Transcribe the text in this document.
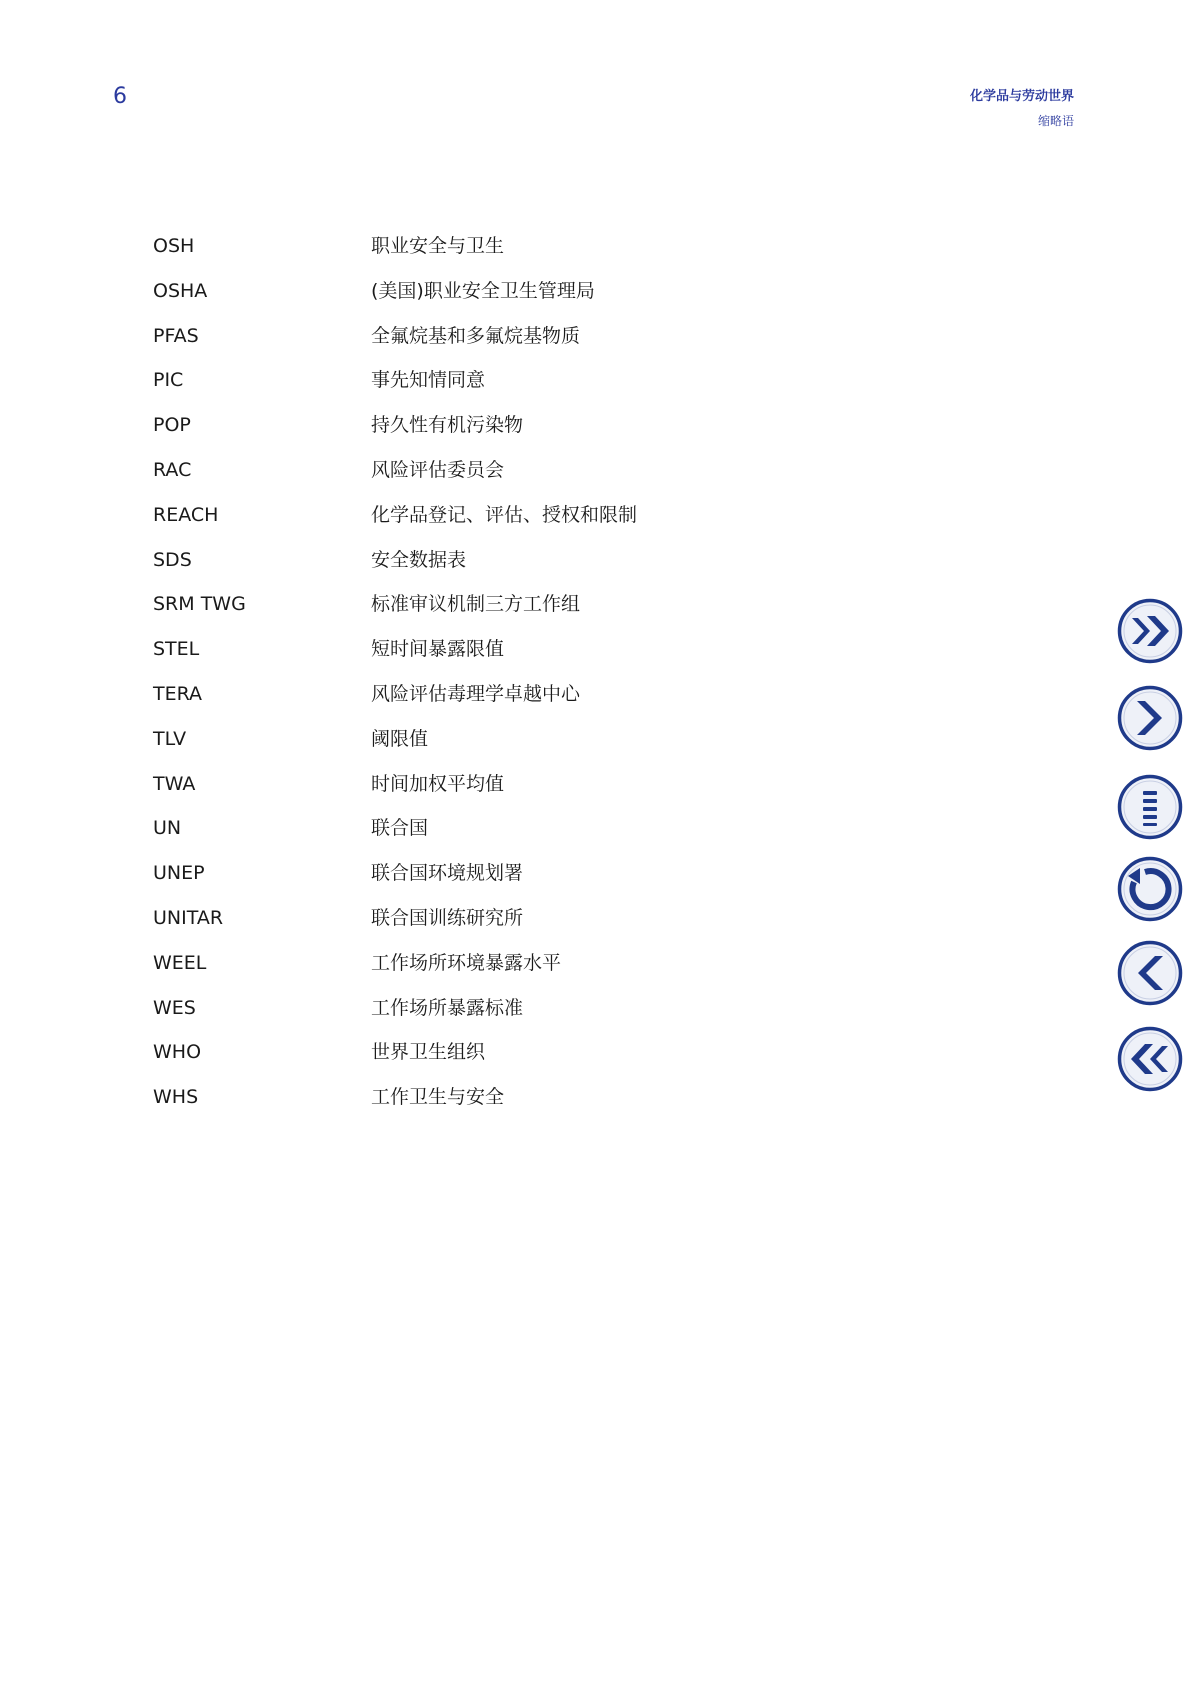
6	化学品与劳动世界
缩略语
OSH	职业安全与卫生
OSHA	(美国)职业安全卫生管理局
PFAS	全氟烷基和多氟烷基物质
PIC	事先知情同意
POP	持久性有机污染物
RAC	风险评估委员会
REACH	化学品登记、评估、授权和限制
SDS	安全数据表
SRM TWG	标准审议机制三方工作组
STEL	短时间暴露限值
TERA	风险评估毒理学卓越中心
TLV	阈限值
TWA	时间加权平均值
UN	联合国
UNEP	联合国环境规划署
UNITAR	联合国训练研究所
WEEL	工作场所环境暴露水平
WES	工作场所暴露标准
WHO	世界卫生组织
WHS	工作卫生与安全
